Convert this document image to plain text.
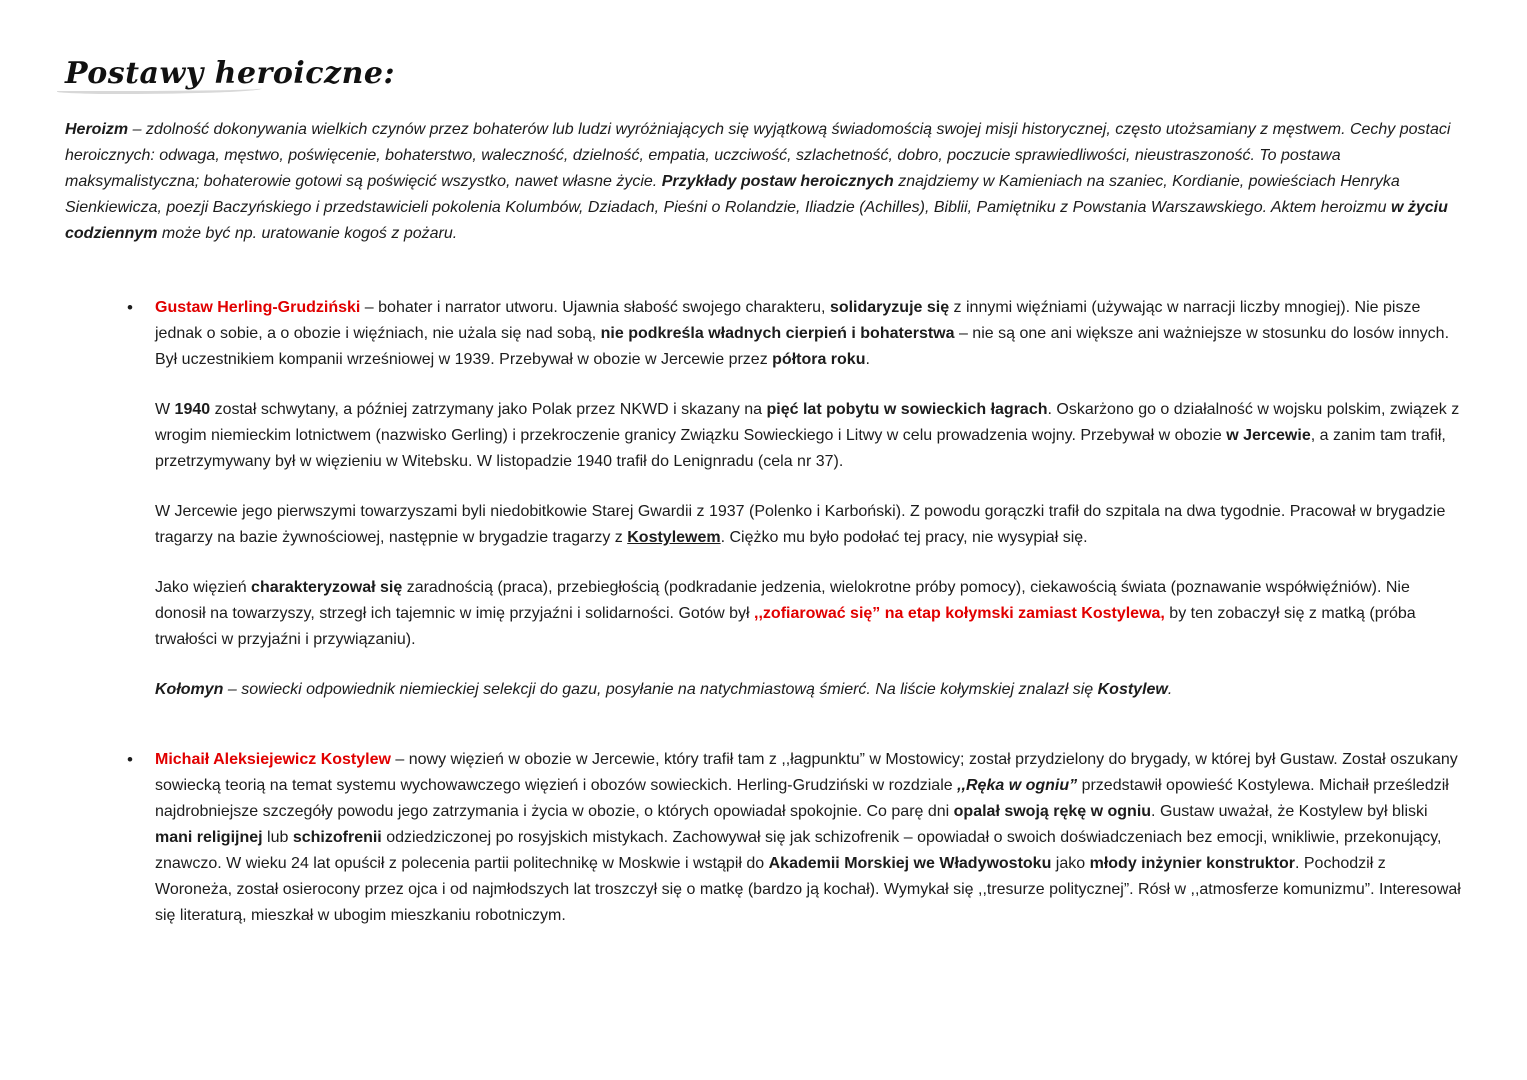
Postawy heroiczne:

Heroizm – zdolność dokonywania wielkich czynów przez bohaterów lub ludzi wyróżniających się wyjątkową świadomością swojej misji historycznej, często utożsamiany z męstwem. Cechy postaci heroicznych: odwaga, męstwo, poświęcenie, bohaterstwo, waleczność, dzielność, empatia, uczciwość, szlachetność, dobro, poczucie sprawiedliwości, nieustraszoność. To postawa maksymalistyczna; bohaterowie gotowi są poświęcić wszystko, nawet własne życie. Przykłady postaw heroicznych znajdziemy w Kamieniach na szaniec, Kordianie, powieściach Henryka Sienkiewicza, poezji Baczyńskiego i przedstawicieli pokolenia Kolumbów, Dziadach, Pieśni o Rolandzie, Iliadzie (Achilles), Biblii, Pamiętniku z Powstania Warszawskiego. Aktem heroizmu w życiu codziennym może być np. uratowanie kogoś z pożaru.

•	Gustaw Herling-Grudziński – bohater i narrator utworu. Ujawnia słabość swojego charakteru, solidaryzuje się z innymi więźniami (używając w narracji liczby mnogiej). Nie pisze jednak o sobie, a o obozie i więźniach, nie użala się nad sobą, nie podkreśla władnych cierpień i bohaterstwa – nie są one ani większe ani ważniejsze w stosunku do losów innych. Był uczestnikiem kompanii wrześniowej w 1939. Przebywał w obozie w Jercewie przez półtora roku.

W 1940 został schwytany, a później zatrzymany jako Polak przez NKWD i skazany na pięć lat pobytu w sowieckich łagrach. Oskarżono go o działalność w wojsku polskim, związek z wrogim niemieckim lotnictwem (nazwisko Gerling) i przekroczenie granicy Związku Sowieckiego i Litwy w celu prowadzenia wojny. Przebywał w obozie w Jercewie, a zanim tam trafił, przetrzymywany był w więzieniu w Witebsku. W listopadzie 1940 trafił do Lenignradu (cela nr 37).

W Jercewie jego pierwszymi towarzyszami byli niedobitkowie Starej Gwardii z 1937 (Polenko i Karboński). Z powodu gorączki trafił do szpitala na dwa tygodnie. Pracował w brygadzie tragarzy na bazie żywnościowej, następnie w brygadzie tragarzy z Kostylewem. Ciężko mu było podołać tej pracy, nie wysypiał się.

Jako więzień charakteryzował się zaradnością (praca), przebiegłością (podkradanie jedzenia, wielokrotne próby pomocy), ciekawością świata (poznawanie współwięźniów). Nie donosił na towarzyszy, strzegł ich tajemnic w imię przyjaźni i solidarności. Gotów był ,,zofiarować się” na etap kołymski zamiast Kostylewa, by ten zobaczył się z matką (próba trwałości w przyjaźni i przywiązaniu).

Kołomyn – sowiecki odpowiednik niemieckiej selekcji do gazu, posyłanie na natychmiastową śmierć. Na liście kołymskiej znalazł się Kostylew.

•	Michaił Aleksiejewicz Kostylew – nowy więzień w obozie w Jercewie, który trafił tam z ,,łagpunktu” w Mostowicy; został przydzielony do brygady, w której był Gustaw. Został oszukany sowiecką teorią na temat systemu wychowawczego więzień i obozów sowieckich. Herling-Grudziński w rozdziale ,,Ręka w ogniu” przedstawił opowieść Kostylewa. Michaił prześledził najdrobniejsze szczegóły powodu jego zatrzymania i życia w obozie, o których opowiadał spokojnie. Co parę dni opalał swoją rękę w ogniu. Gustaw uważał, że Kostylew był bliski mani religijnej lub schizofrenii odziedziczonej po rosyjskich mistykach. Zachowywał się jak schizofrenik – opowiadał o swoich doświadczeniach bez emocji, wnikliwie, przekonujący, znawczo. W wieku 24 lat opuścił z polecenia partii politechnikę w Moskwie i wstąpił do Akademii Morskiej we Władywostoku jako młody inżynier konstruktor. Pochodził z Woroneża, został osierocony przez ojca i od najmłodszych lat troszczył się o matkę (bardzo ją kochał). Wymykał się ,,tresurze politycznej”. Rósł w ,,atmosferze komunizmu”. Interesował się literaturą, mieszkał w ubogim mieszkaniu robotniczym.
